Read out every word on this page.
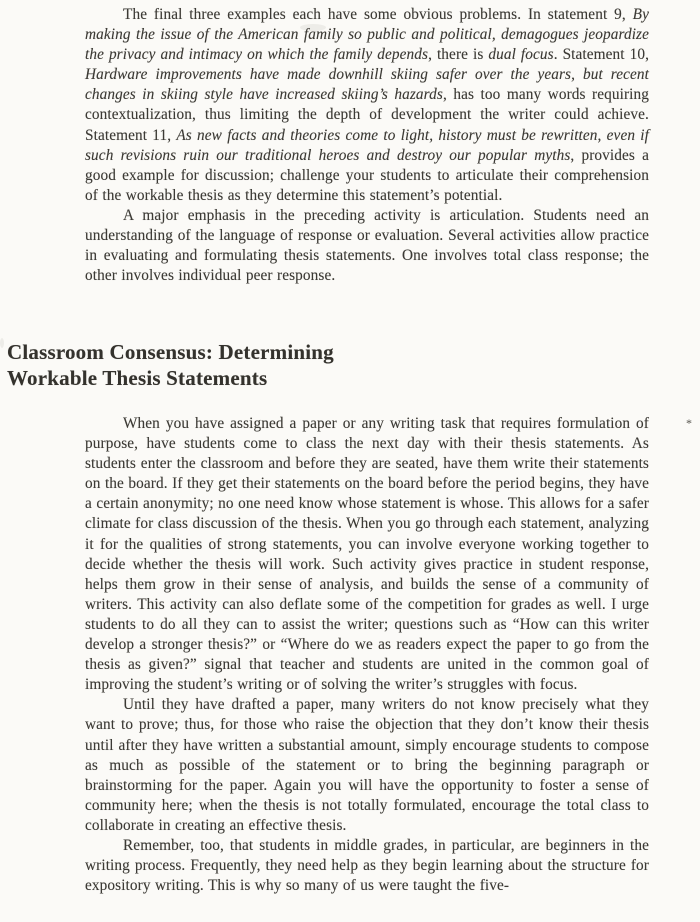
The final three examples each have some obvious problems. In statement 9, By making the issue of the American family so public and political, demagogues jeopardize the privacy and intimacy on which the family depends, there is dual focus. Statement 10, Hardware improvements have made downhill skiing safer over the years, but recent changes in skiing style have increased skiing’s hazards, has too many words requiring contextualization, thus limiting the depth of development the writer could achieve. Statement 11, As new facts and theories come to light, history must be rewritten, even if such revisions ruin our traditional heroes and destroy our popular myths, provides a good example for discussion; challenge your students to articulate their comprehension of the workable thesis as they determine this statement’s potential.

A major emphasis in the preceding activity is articulation. Students need an understanding of the language of response or evaluation. Several activities allow practice in evaluating and formulating thesis statements. One involves total class response; the other involves individual peer response.

Classroom Consensus: Determining
Workable Thesis Statements
*

When you have assigned a paper or any writing task that requires formulation of purpose, have students come to class the next day with their thesis statements. As students enter the classroom and before they are seated, have them write their statements on the board. If they get their statements on the board before the period begins, they have a certain anonymity; no one need know whose statement is whose. This allows for a safer climate for class discussion of the thesis. When you go through each statement, analyzing it for the qualities of strong statements, you can involve everyone working together to decide whether the thesis will work. Such activity gives practice in student response, helps them grow in their sense of analysis, and builds the sense of a community of writers. This activity can also deflate some of the competition for grades as well. I urge students to do all they can to assist the writer; questions such as “How can this writer develop a stronger thesis?” or “Where do we as readers expect the paper to go from the thesis as given?” signal that teacher and students are united in the common goal of improving the student’s writing or of solving the writer’s struggles with focus.

Until they have drafted a paper, many writers do not know precisely what they want to prove; thus, for those who raise the objection that they don’t know their thesis until after they have written a substantial amount, simply encourage students to compose as much as possible of the statement or to bring the beginning paragraph or brainstorming for the paper. Again you will have the opportunity to foster a sense of community here; when the thesis is not totally formulated, encourage the total class to collaborate in creating an effective thesis.

Remember, too, that students in middle grades, in particular, are beginners in the writing process. Frequently, they need help as they begin learning about the structure for expository writing. This is why so many of us were taught the five-
